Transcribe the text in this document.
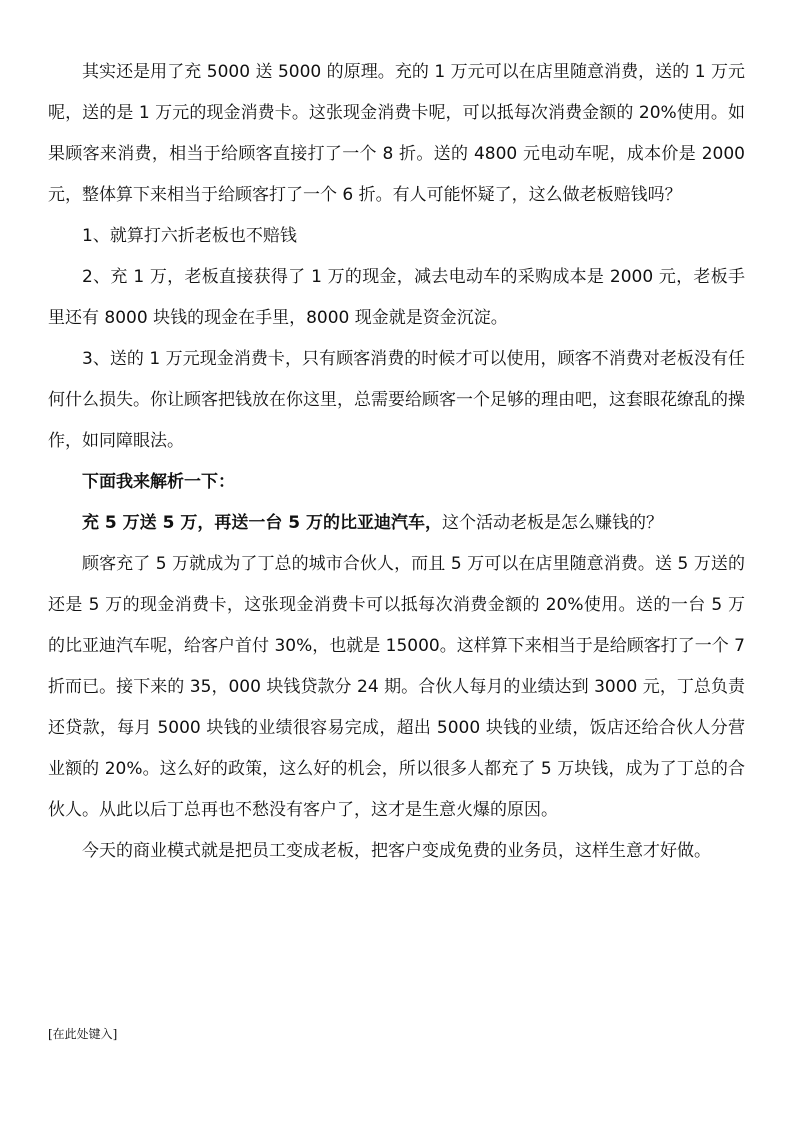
其实还是用了充 5000 送 5000 的原理。充的 1 万元可以在店里随意消费，送的 1 万元呢，送的是 1 万元的现金消费卡。这张现金消费卡呢，可以抵每次消费金额的 20%使用。如果顾客来消费，相当于给顾客直接打了一个 8 折。送的 4800 元电动车呢，成本价是 2000 元，整体算下来相当于给顾客打了一个 6 折。有人可能怀疑了，这么做老板赔钱吗？

1、就算打六折老板也不赔钱

2、充 1 万，老板直接获得了 1 万的现金，减去电动车的采购成本是 2000 元，老板手里还有 8000 块钱的现金在手里，8000 现金就是资金沉淀。

3、送的 1 万元现金消费卡，只有顾客消费的时候才可以使用，顾客不消费对老板没有任何什么损失。你让顾客把钱放在你这里，总需要给顾客一个足够的理由吧，这套眼花缭乱的操作，如同障眼法。

下面我来解析一下：

充 5 万送 5 万，再送一台 5 万的比亚迪汽车，这个活动老板是怎么赚钱的？

顾客充了 5 万就成为了丁总的城市合伙人，而且 5 万可以在店里随意消费。送 5 万送的还是 5 万的现金消费卡，这张现金消费卡可以抵每次消费金额的 20%使用。送的一台 5 万的比亚迪汽车呢，给客户首付 30%，也就是 15000。这样算下来相当于是给顾客打了一个 7 折而已。接下来的 35，000 块钱贷款分 24 期。合伙人每月的业绩达到 3000 元，丁总负责还贷款，每月 5000 块钱的业绩很容易完成，超出 5000 块钱的业绩，饭店还给合伙人分营业额的 20%。这么好的政策，这么好的机会，所以很多人都充了 5 万块钱，成为了丁总的合伙人。从此以后丁总再也不愁没有客户了，这才是生意火爆的原因。

今天的商业模式就是把员工变成老板，把客户变成免费的业务员，这样生意才好做。

[在此处键入]
